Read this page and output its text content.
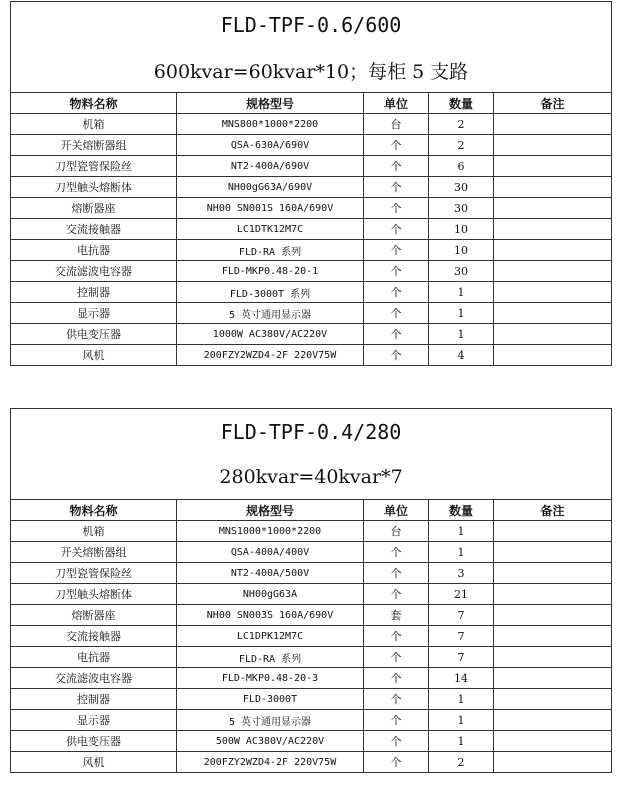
FLD-TPF-0.6/600				
600kvar=60kvar*10；每柜 5 支路				
物料名称	规格型号	单位	数量	备注
机箱	MNS800*1000*2200	台	2	
开关熔断器组	QSA-630A/690V	个	2	
刀型瓷管保险丝	NT2-400A/690V	个	6	
刀型触头熔断体	NH00gG63A/690V	个	30	
熔断器座	NH00 SN001S 160A/690V	个	30	
交流接触器	LC1DTK12M7C	个	10	
电抗器	FLD-RA 系列	个	10	
交流滤波电容器	FLD-MKP0.48-20-1	个	30	
控制器	FLD-3000T 系列	个	1	
显示器	5 英寸通用显示器	个	1	
供电变压器	1000W AC380V/AC220V	个	1	
风机	200FZY2WZD4-2F 220V75W	个	4	
FLD-TPF-0.4/280				
280kvar=40kvar*7				
物料名称	规格型号	单位	数量	备注
机箱	MNS1000*1000*2200	台	1	
开关熔断器组	QSA-400A/400V	个	1	
刀型瓷管保险丝	NT2-400A/500V	个	3	
刀型触头熔断体	NH00gG63A	个	21	
熔断器座	NH00 SN003S 160A/690V	套	7	
交流接触器	LC1DPK12M7C	个	7	
电抗器	FLD-RA 系列	个	7	
交流滤波电容器	FLD-MKP0.48-20-3	个	14	
控制器	FLD-3000T	个	1	
显示器	5 英寸通用显示器	个	1	
供电变压器	500W AC380V/AC220V	个	1	
风机	200FZY2WZD4-2F 220V75W	个	2	
